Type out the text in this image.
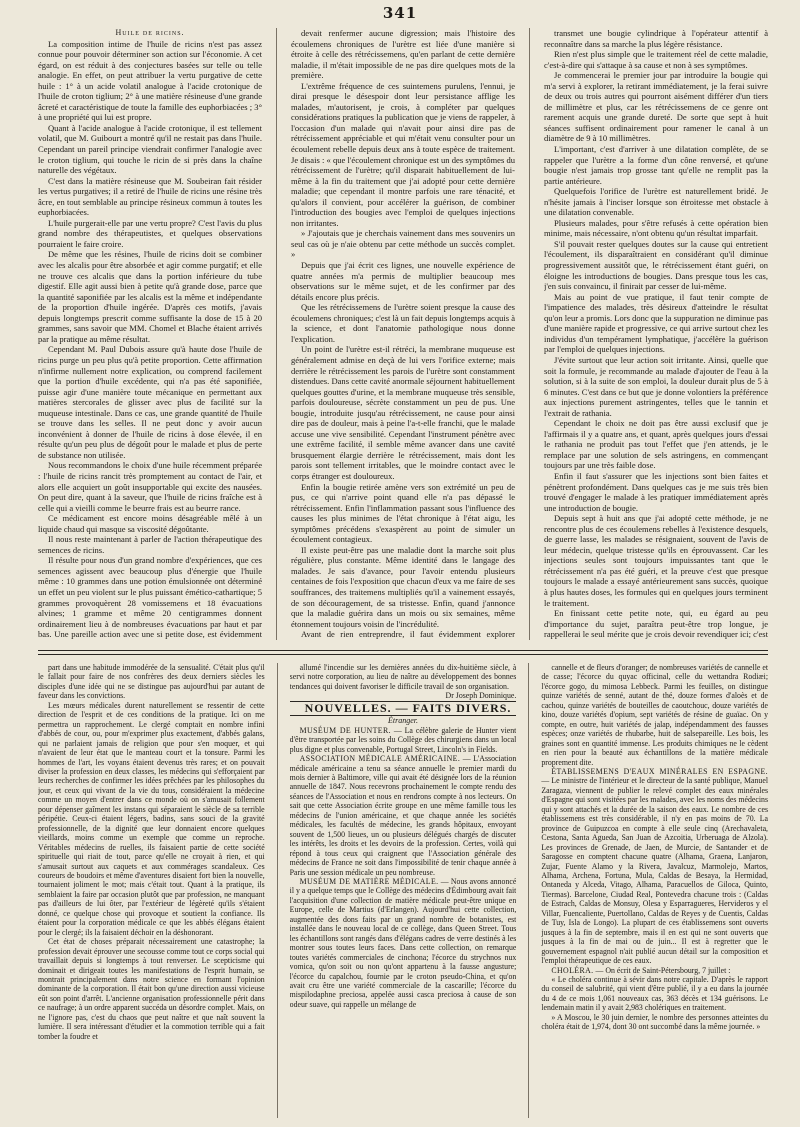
341

Huile de ricins.

La composition intime de l'huile de ricins n'est pas assez connue pour pouvoir déterminer son action sur l'économie. A cet égard, on est réduit à des conjectures basées sur telle ou telle analogie. En effet, on peut attribuer la vertu purgative de cette huile : 1° à un acide volatil analogue à l'acide crotonique de l'huile de croton tiglium; 2° à une matière résineuse d'une grande âcreté et caractéristique de toute la famille des euphorbiacées ; 3° à une propriété qui lui est propre.

Quant à l'acide analogue à l'acide crotonique, il est tellement volatil, que M. Guibourt a montré qu'il ne restait pas dans l'huile. Cependant un pareil principe viendrait confirmer l'analogie avec le croton tiglium, qui touche le ricin de si près dans la chaîne naturelle des végétaux.

C'est dans la matière résineuse que M. Soubeiran fait résider les vertus purgatives; il a retiré de l'huile de ricins une résine très âcre, en tout semblable au principe résineux commun à toutes les euphorbiacées.

L'huile purgerait-elle par une vertu propre? C'est l'avis du plus grand nombre des thérapeutistes, et quelques observations pourraient le faire croire.

De même que les résines, l'huile de ricins doit se combiner avec les alcalis pour être absorbée et agir comme purgatif; et elle ne trouve ces alcalis que dans la portion inférieure du tube digestif. Elle agit aussi bien à petite qu'à grande dose, parce que la quantité saponifiée par les alcalis est la même et indépendante de la proportion d'huile ingérée. D'après ces motifs, j'avais depuis longtemps prescrit comme suffisante la dose de 15 à 20 grammes, sans savoir que MM. Chomel et Blache étaient arrivés par la pratique au même résultat.

Cependant M. Paul Dubois assure qu'à haute dose l'huile de ricins purge un peu plus qu'à petite proportion. Cette affirmation n'infirme nullement notre explication, ou comprend facilement que la portion d'huile excédente, qui n'a pas été saponifiée, puisse agir d'une manière toute mécanique en permettant aux matières stercorales de glisser avec plus de facilité sur la muqueuse intestinale. Dans ce cas, une grande quantité de l'huile se trouve dans les selles. Il ne peut donc y avoir aucun inconvénient à donner de l'huile de ricins à dose élevée, il en résulte qu'un peu plus de dégoût pour le malade et plus de perte de substance non utilisée.

Nous recommandons le choix d'une huile récemment préparée : l'huile de ricins rancit très promptement au contact de l'air, et alors elle acquiert un goût insupportable qui excite des nausées. On peut dire, quant à la saveur, que l'huile de ricins fraîche est à celle qui a vieilli comme le beurre frais est au beurre rance.

Ce médicament est encore moins désagréable mêlé à un liquide chaud qui masque sa viscosité dégoûtante.

Il nous reste maintenant à parler de l'action thérapeutique des semences de ricins.

Il résulte pour nous d'un grand nombre d'expériences, que ces semences agissent avec beaucoup plus d'énergie que l'huile même : 10 grammes dans une potion émulsionnée ont déterminé un effet un peu violent sur le plus puissant émético-cathartique; 5 grammes provoquèrent 28 vomissemens et 18 évacuations alvines; 1 gramme et même 20 centigrammes donnent ordinairement lieu à de nombreuses évacuations par haut et par bas. Une pareille action avec une si petite dose, est évidemment

devait renfermer aucune digression; mais l'histoire des écoulemens chroniques de l'urètre est liée d'une manière si étroite à celle des rétrécissemens, qu'en parlant de cette dernière maladie, il m'était impossible de ne pas dire quelques mots de la première.

L'extrême fréquence de ces suintemens purulens, l'ennui, je dirai presque le désespoir dont leur persistance afflige les malades, m'autorisent, je crois, à compléter par quelques considérations pratiques la publication que je viens de rappeler, à l'occasion d'un malade qui n'avait pour ainsi dire pas de rétrécissement appréciable et qui m'était venu consulter pour un écoulement rebelle depuis deux ans à toute espèce de traitement. Je disais : « que l'écoulement chronique est un des symptômes du rétrécissement de l'urètre; qu'il disparait habituellement de lui-même à la fin du traitement que j'ai adopté pour cette dernière maladie; que cependant il montre parfois une rare ténacité, et qu'alors il convient, pour accélérer la guérison, de combiner l'introduction des bougies avec l'emploi de quelques injections non irritantes.

» J'ajoutais que je cherchais vainement dans mes souvenirs un seul cas où je n'aie obtenu par cette méthode un succès complet. »

Depuis que j'ai écrit ces lignes, une nouvelle expérience de quatre années m'a permis de multiplier beaucoup mes observations sur le même sujet, et de les confirmer par des détails encore plus précis.

Que les rétrécissemens de l'urètre soient presque la cause des écoulemens chroniques; c'est là un fait depuis longtemps acquis à la science, et dont l'anatomie pathologique nous donne l'explication.

Un point de l'urètre est-il rétréci, la membrane muqueuse est généralement admise en deçà de lui vers l'orifice externe; mais derrière le rétrécissement les parois de l'urètre sont constamment distendues. Dans cette cavité anormale séjournent habituellement quelques gouttes d'urine, et la membrane muqueuse très sensible, parfois douloureuse, sécrète constamment un peu de pus. Une bougie, introduite jusqu'au rétrécissement, ne cause pour ainsi dire pas de douleur, mais à peine l'a-t-elle franchi, que le malade accuse une vive sensibilité. Cependant l'instrument pénètre avec une extrême facilité, il semble même avancer dans une cavité brusquement élargie derrière le rétrécissement, mais dont les parois sont tellement irritables, que le moindre contact avec le corps étranger est douloureux.

Enfin la bougie retirée amène vers son extrémité un peu de pus, ce qui n'arrive point quand elle n'a pas dépassé le rétrécissement. Enfin l'inflammation passant sous l'influence des causes les plus minimes de l'état chronique à l'état aigu, les symptômes précédens s'exaspèrent au point de simuler un écoulement contagieux.

Il existe peut-être pas une maladie dont la marche soit plus régulière, plus constante. Même identité dans le langage des malades. Je sais d'avance, pour l'avoir entendu plusieurs centaines de fois l'exposition que chacun d'eux va me faire de ses souffrances, des traitemens multipliés qu'il a vainement essayés, de son découragement, de sa tristesse. Enfin, quand j'annonce que la maladie guérira dans un mois ou six semaines, même étonnement toujours voisin de l'incrédulité.

Avant de rien entreprendre, il faut évidemment explorer

transmet une bougie cylindrique à l'opérateur attentif à reconnaître dans sa marche la plus légère résistance.

Rien n'est plus simple que le traitement réel de cette maladie, c'est-à-dire qui s'attaque à sa cause et non à ses symptômes.

Je commencerai le premier jour par introduire la bougie qui m'a servi à explorer, la retirant immédiatement, je la ferai suivre de deux ou trois autres qui pourront aisément différer d'un tiers de millimètre et plus, car les rétrécissemens de ce genre ont rarement acquis une grande dureté. De sorte que sept à huit séances suffisent ordinairement pour ramener le canal à un diamètre de 9 à 10 millimètres.

L'important, c'est d'arriver à une dilatation complète, de se rappeler que l'urètre a la forme d'un cône renversé, et qu'une bougie n'est jamais trop grosse tant qu'elle ne remplit pas la partie antérieure.

Quelquefois l'orifice de l'urètre est naturellement bridé. Je n'hésite jamais à l'inciser lorsque son étroitesse met obstacle à une dilatation convenable.

Plusieurs malades, pour s'être refusés à cette opération bien minime, mais nécessaire, n'ont obtenu qu'un résultat imparfait.

S'il pouvait rester quelques doutes sur la cause qui entretient l'écoulement, ils disparaîtraient en considérant qu'il diminue progressivement aussitôt que, le rétrécissement étant guéri, on éloigne les introductions de bougies. Dans presque tous les cas, j'en suis convaincu, il finirait par cesser de lui-même.

Mais au point de vue pratique, il faut tenir compte de l'impatience des malades, très désireux d'atteindre le résultat qu'on leur a promis. Lors donc que la suppuration ne diminue pas d'une manière rapide et progressive, ce qui arrive surtout chez les individus d'un tempérament lymphatique, j'accélère la guérison par l'emploi de quelques injections.

J'évite surtout que leur action soit irritante. Ainsi, quelle que soit la formule, je recommande au malade d'ajouter de l'eau à la solution, si à la suite de son emploi, la douleur durait plus de 5 à 6 minutes. C'est dans ce but que je donne volontiers la préférence aux injections purement astringentes, telles que le tannin et l'extrait de rathania.

Cependant le choix ne doit pas être aussi exclusif que je l'affirmais il y a quatre ans, et quant, après quelques jours d'essai le rathania ne produit pas tout l'effet que j'en attends, je le remplace par une solution de sels astringens, en commençant toujours par une très faible dose.

Enfin il faut s'assurer que les injections sont bien faites et pénètrent profondément. Dans quelques cas je me suis très bien trouvé d'engager le malade à les pratiquer immédiatement après une introduction de bougie.

Depuis sept à huit ans que j'ai adopté cette méthode, je ne rencontre plus de ces écoulemens rebelles à l'existence desquels, de guerre lasse, les malades se résignaient, souvent de l'avis de leur médecin, quelque tristesse qu'ils en éprouvassent. Car les injections seules sont toujours impuissantes tant que le rétrécissement n'a pas été guéri, et la preuve c'est que presque toujours le malade a essayé antérieurement sans succès, quoique à plus hautes doses, les formules qui en quelques jours terminent le traitement.

En finissant cette petite note, qui, eu égard au peu d'importance du sujet, paraîtra peut-être trop longue, je rappellerai le seul mérite que je crois devoir revendiquer ici; c'est

part dans une habitude immodérée de la sensualité. C'était plus qu'il le fallait pour faire de nos confrères des deux derniers siècles les disciples d'une idée qui ne se distingue pas aujourd'hui par autant de faveur dans les convictions.

Les mœurs médicales durent naturellement se ressentir de cette direction de l'esprit et de ces conditions de la pratique. Ici on me permettra un rapprochement. Le clergé comptait en nombre infini d'abbés de cour, ou, pour m'exprimer plus exactement, d'abbés galans, qui ne parlaient jamais de religion que pour s'en moquer, et qui n'avaient de leur état que le manteau court et la tonsure. Parmi les hommes de l'art, les voyans étaient devenus très rares; et on pouvait diviser la profession en deux classes, les médecins qui s'efforçaient par leurs recherches de confirmer les idées prêchées par les philosophes du jour, et ceux qui vivant de la vie du tous, considéraient la médecine comme un moyen d'entrer dans ce monde où on s'amusait follement pour dépenser gaîment les instans qui séparaient le siècle de sa terrible péripétie. Ceux-ci étaient légers, badins, sans souci de la gravité professionnelle, de la dignité que leur donnaient encore quelques vieillards, moins comme un exemple que comme un reproche. Véritables médecins de ruelles, ils faisaient partie de cette société spirituelle qui riait de tout, parce qu'elle ne croyait à rien, et qui s'amusait surtout aux caquets et aux commérages scandaleux. Ces coureurs de boudoirs et même d'aventures disaient fort bien la nouvelle, tournaient joliment le mot; mais c'était tout. Quant à la pratique, ils semblaient la faire par occasion plutôt que par profession, ne manquant pas d'ailleurs de lui ôter, par l'extérieur de légèreté qu'ils s'étaient donné, ce quelque chose qui provoque et soutient la confiance. Ils étaient pour la corporation médicale ce que les abbés élégans étaient pour le clergé; ils la faisaient déchoir en la déshonorant.

Cet état de choses préparait nécessairement une catastrophe; la profession devait éprouver une secousse comme tout ce corps social qui travaillait depuis si longtemps à tout renverser. Le scepticisme qui dominait et dirigeait toutes les manifestations de l'esprit humain, se montrait principalement dans notre science en formant l'opinion dominante de la corporation. Il était bon qu'une direction aussi vicieuse eût son point d'arrêt. L'ancienne organisation professionnelle périt dans ce naufrage; à un ordre apparent succéda un désordre complet. Mais, on ne l'ignore pas, c'est du chaos que peut naître et que naît souvent la lumière. Il sera intéressant d'étudier et la commotion terrible qui a fait tomber la foudre et

allumé l'incendie sur les dernières années du dix-huitième siècle, à servi notre corporation, au lieu de naître au développement des bonnes tendances qui doivent favoriser le difficile travail de son organisation.

Dr Joseph Dominique.

NOUVELLES. — FAITS DIVERS.

Étranger.

MUSÉUM DE HUNTER. — La célèbre galerie de Hunter vient d'être transportée par les soins du Collège des chirurgiens dans un local plus digne et plus convenable, Portugal Street, Lincoln's in Fields.

ASSOCIATION MÉDICALE AMÉRICAINE. — L'Association médicale américaine a tenu sa séance annuelle le premier mardi du mois dernier à Baltimore, ville qui avait été désignée lors de la réunion annuelle de 1847. Nous recevrons prochainement le compte rendu des séances de l'Association et nous en rendrons compte à nos lecteurs. On sait que cette Association écrite groupe en une même famille tous les médecins de l'union américaine, et que chaque année les sociétés médicales, les facultés de médecine, les grands hôpitaux, envoyant souvent de 1,500 lieues, un ou plusieurs délégués chargés de discuter les intérêts, les droits et les devoirs de la profession. Certes, voilà qui répond à tous ceux qui craignent que l'Association générale des médecins de France ne soit dans l'impossibilité de tenir chaque année à Paris une session médicale un peu nombreuse.

MUSÉUM DE MATIÈRE MÉDICALE. — Nous avons annoncé il y a quelque temps que le Collège des médecins d'Édimbourg avait fait l'acquisition d'une collection de matière médicale peut-être unique en Europe, celle de Martius (d'Erlangen). Aujourd'hui cette collection, augmentée des dons faits par un grand nombre de botanistes, est installée dans le nouveau local de ce collège, dans Queen Street. Tous les échantillons sont rangés dans d'élégans cadres de verre destinés à les montrer sous toutes leurs faces. Dans cette collection, on remarque toutes variétés commerciales de cinchona; l'écorce du strychnos nux vomica, qu'on soit ou non qu'ont appartenu à la fausse angusture; l'écorce du capalchou, fournie par le croton pseudo-China, et qu'on avait cru être une variété commerciale de la cascarille; l'écorce du mispilodaphne preciosa, appelée aussi casca preciosa à cause de son odeur suave, qui rappelle un mélange de

cannelle et de fleurs d'oranger; de nombreuses variétés de cannelle et de casse; l'écorce du quyac officinal, celle du wettandra Rodiæi; l'écorce gogo, du mimosa Lebbeck. Parmi les feuilles, on distingue quinze variétés de senné, autant de thé, douze formes d'aloès et de cachou, quinze variétés de bouteilles de caoutchouc, douze variétés de kino, douze variétés d'opium, sept variétés de résine de guaïac. On y compte, en outre, huit variétés de jalap, indépendamment des fausses espèces; onze variétés de rhubarbe, huit de salsepareille. Les bois, les graines sont en quantité immense. Les produits chimiques ne le cèdent en rien pour la beauté aux échantillons de la matière médicale proprement dite.

ÉTABLISSEMENS D'EAUX MINÉRALES EN ESPAGNE. — Le ministre de l'intérieur et le directeur de la santé publique, Manuel Zaragaza, viennent de publier le relevé complet des eaux minérales d'Espagne qui sont visitées par les malades, avec les noms des médecins qui y sont attachés et la durée de la saison des eaux. Le nombre de ces établissemens est très considérable, il n'y en pas moins de 70. La province de Guipuzcoa en compte à elle seule cinq (Arechavaleta, Cestona, Santa Agueda, San Juan de Azcoitia, Urberuaga de Alzola). Les provinces de Grenade, de Jaen, de Murcie, de Santander et de Saragosse en comptent chacune quatre (Alhama, Graena, Lanjaron, Zujar, Fuente Alamo y la Rivera, Javalcuz, Marmolejo, Martos, Alhama, Archena, Fortuna, Mula, Caldas de Besaya, la Hermidad, Ontaneda y Alceda, Vitago, Alhama, Paracuellos de Giloca, Quinto, Tiermas). Barcelone, Ciudad Real, Pontevedra chacune trois : (Caldas de Estrach, Caldas de Monsuy, Olesa y Esparragueres, Hervideros y el Villar, Fuencaliente, Puertollano, Caldas de Reyes y de Cuentis, Caldas de Tuy, Isla de Longo). La plupart de ces établissemens sont ouverts jusques à la fin de septembre, mais il en est qui ne sont ouverts que jusques à la fin de mai ou de juin... Il est à regretter que le gouvernement espagnol n'ait publié aucun détail sur la composition et l'emploi thérapeutique de ces eaux.

CHOLÉRA. — On écrit de Saint-Pétersbourg, 7 juillet :

« Le choléra continue à sévir dans notre capitale. D'après le rapport du conseil de salubrité, qui vient d'être publié, il y a eu dans la journée du 4 de ce mois 1,061 nouveaux cas, 363 décès et 134 guérisons. Le lendemain matin il y avait 2,983 cholériques en traitement.

» A Moscou, le 30 juin dernier, le nombre des personnes atteintes du choléra était de 1,974, dont 30 ont succombé dans la même journée. »
